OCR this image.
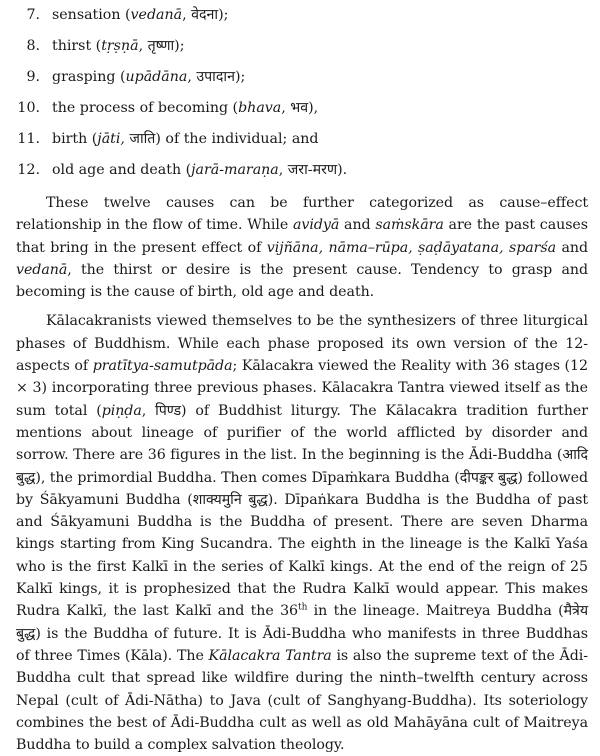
7. sensation (vedanā, वेदना);
8. thirst (tṛṣṇā, तृष्णा);
9. grasping (upādāna, उपादान);
10. the process of becoming (bhava, भव),
11. birth (jāti, जाति) of the individual; and
12. old age and death (jarā-maraṇa, जरा-मरण).

These twelve causes can be further categorized as cause–effect relationship in the flow of time. While avidyā and saṁskāra are the past causes that bring in the present effect of vijñāna, nāma–rūpa, ṣaḍāyatana, sparśa and vedanā, the thirst or desire is the present cause. Tendency to grasp and becoming is the cause of birth, old age and death.

Kālacakranists viewed themselves to be the synthesizers of three liturgical phases of Buddhism. While each phase proposed its own version of the 12- aspects of pratītya-samutpāda; Kālacakra viewed the Reality with 36 stages (12 × 3) incorporating three previous phases. Kālacakra Tantra viewed itself as the sum total (piṇḍa, पिण्ड) of Buddhist liturgy. The Kālacakra tradition further mentions about lineage of purifier of the world afflicted by disorder and sorrow. There are 36 figures in the list. In the beginning is the Ādi-Buddha (आदि बुद्ध), the primordial Buddha. Then comes Dīpaṁkara Buddha (दीपङ्कर बुद्ध) followed by Śākyamuni Buddha (शाक्यमुनि बुद्ध). Dīpaṅkara Buddha is the Buddha of past and Śākyamuni Buddha is the Buddha of present. There are seven Dharma kings starting from King Sucandra. The eighth in the lineage is the Kalkī Yaśa who is the first Kalkī in the series of Kalkī kings. At the end of the reign of 25 Kalkī kings, it is prophesized that the Rudra Kalkī would appear. This makes Rudra Kalkī, the last Kalkī and the 36th in the lineage. Maitreya Buddha (मैत्रेय बुद्ध) is the Buddha of future. It is Ādi-Buddha who manifests in three Buddhas of three Times (Kāla). The Kālacakra Tantra is also the supreme text of the Ādi-Buddha cult that spread like wildfire during the ninth–twelfth century across Nepal (cult of Ādi-Nātha) to Java (cult of Sanghyang-Buddha). Its soteriology combines the best of Ādi-Buddha cult as well as old Mahāyāna cult of Maitreya Buddha to build a complex salvation theology.
